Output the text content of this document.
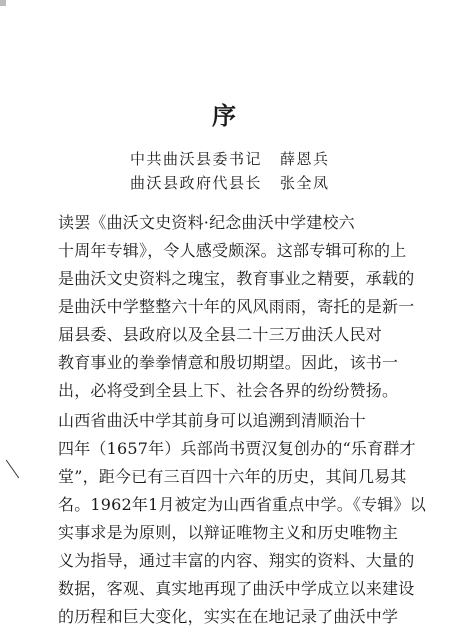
序
中共曲沃县委书记 薛恩兵
曲沃县政府代县长 张全凤
读罢《曲沃文史资料·纪念曲沃中学建校六
十周年专辑》，令人感受颇深。这部专辑可称的上
是曲沃文史资料之瑰宝，教育事业之精要，承载的
是曲沃中学整整六十年的风风雨雨，寄托的是新一
届县委、县政府以及全县二十三万曲沃人民对
教育事业的拳拳情意和殷切期望。因此，该书一
出，必将受到全县上下、社会各界的纷纷赞扬。
山西省曲沃中学其前身可以追溯到清顺治十
四年（1657年）兵部尚书贾汉复创办的“乐育群才
堂”，距今已有三百四十六年的历史，其间几易其
名。1962年1月被定为山西省重点中学。《专辑》以
实事求是为原则，以辩证唯物主义和历史唯物主
义为指导，通过丰富的内容、翔实的资料、大量的
数据，客观、真实地再现了曲沃中学成立以来建设
的历程和巨大变化，实实在在地记录了曲沃中学
